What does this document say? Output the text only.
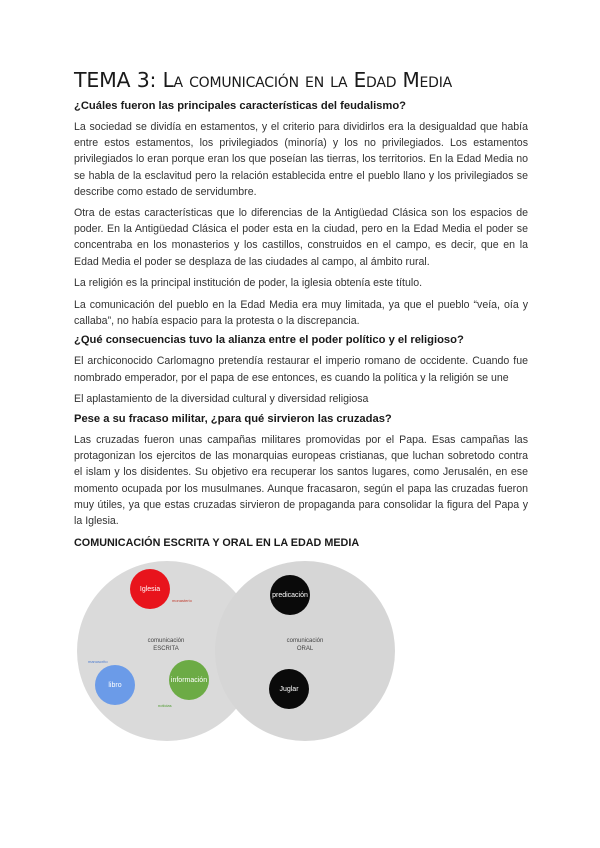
TEMA 3: La comunicación en la Edad Media
¿Cuáles fueron las principales características del feudalismo?

La sociedad se dividía en estamentos, y el criterio para dividirlos era la desigualdad que había entre estos estamentos, los privilegiados (minoría) y los no privilegiados. Los estamentos privilegiados lo eran porque eran los que poseían las tierras, los territorios. En la Edad Media no se habla de la esclavitud pero la relación establecida entre el pueblo llano y los privilegiados se describe como estado de servidumbre.

Otra de estas características que lo diferencias de la Antigüedad Clásica son los espacios de poder. En la Antigüedad Clásica el poder esta en la ciudad, pero en la Edad Media el poder se concentraba en los monasterios y los castillos, construidos en el campo, es decir, que en la Edad Media el poder se desplaza de las ciudades al campo, al ámbito rural.

La religión es la principal institución de poder, la iglesia obtenía este título.

La comunicación del pueblo en la Edad Media era muy limitada, ya que el pueblo “veía, oía y callaba”, no había espacio para la protesta o la discrepancia.

¿Qué consecuencias tuvo la alianza entre el poder político y el religioso?

El archiconocido Carlomagno pretendía restaurar el imperio romano de occidente. Cuando fue nombrado emperador, por el papa de ese entonces, es cuando la política y la religión se une

El aplastamiento de la diversidad cultural y diversidad religiosa

Pese a su fracaso militar, ¿para qué sirvieron las cruzadas?

Las cruzadas fueron unas campañas militares promovidas por el Papa. Esas campañas las protagonizan los ejercitos de las monarquias europeas cristianas, que luchan sobretodo contra el islam y los disidentes. Su objetivo era recuperar los santos lugares, como Jerusalén, en ese momento ocupada por los musulmanes. Aunque fracasaron, según el papa las cruzadas fueron muy útiles, ya que estas cruzadas sirvieron de propaganda para consolidar la figura del Papa y la Iglesia.

COMUNICACIÓN ESCRITA Y ORAL EN LA EDAD MEDIA
Iglesia
monasterio
comunicación
ESCRITA
manuscrito
libro
información
noticias
predicación
comunicación
ORAL
Juglar
